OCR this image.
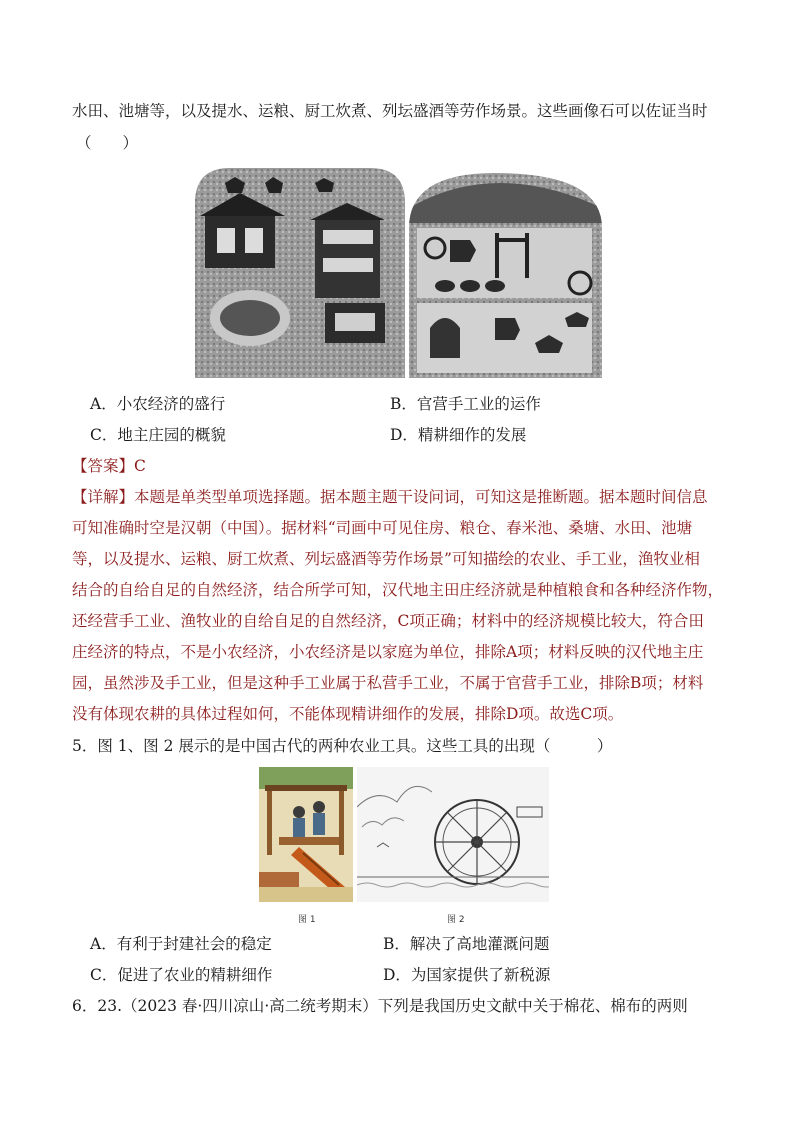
水田、池塘等，以及提水、运粮、厨工炊煮、列坛盛酒等劳作场景。这些画像石可以佐证当时
（　　）
A．小农经济的盛行	B．官营手工业的运作
C．地主庄园的概貌	D．精耕细作的发展
【答案】C
【详解】本题是单类型单项选择题。据本题主题干设问词，可知这是推断题。据本题时间信息
可知准确时空是汉朝（中国）。据材料“司画中可见住房、粮仓、春米池、桑塘、水田、池塘
等，以及提水、运粮、厨工炊煮、列坛盛酒等劳作场景”可知描绘的农业、手工业，渔牧业相
结合的自给自足的自然经济，结合所学可知，汉代地主田庄经济就是种植粮食和各种经济作物，
还经营手工业、渔牧业的自给自足的自然经济，C项正确；材料中的经济规模比较大，符合田
庄经济的特点，不是小农经济，小农经济是以家庭为单位，排除A项；材料反映的汉代地主庄
园，虽然涉及手工业，但是这种手工业属于私营手工业，不属于官营手工业，排除B项；材料
没有体现农耕的具体过程如何，不能体现精讲细作的发展，排除D项。故选C项。
5．图 1、图 2 展示的是中国古代的两种农业工具。这些工具的出现（　　　）
图 1	图 2
A．有利于封建社会的稳定	B．解决了高地灌溉问题
C．促进了农业的精耕细作	D．为国家提供了新税源
6．23.（2023 春·四川凉山·高二统考期末）下列是我国历史文献中关于棉花、棉布的两则
